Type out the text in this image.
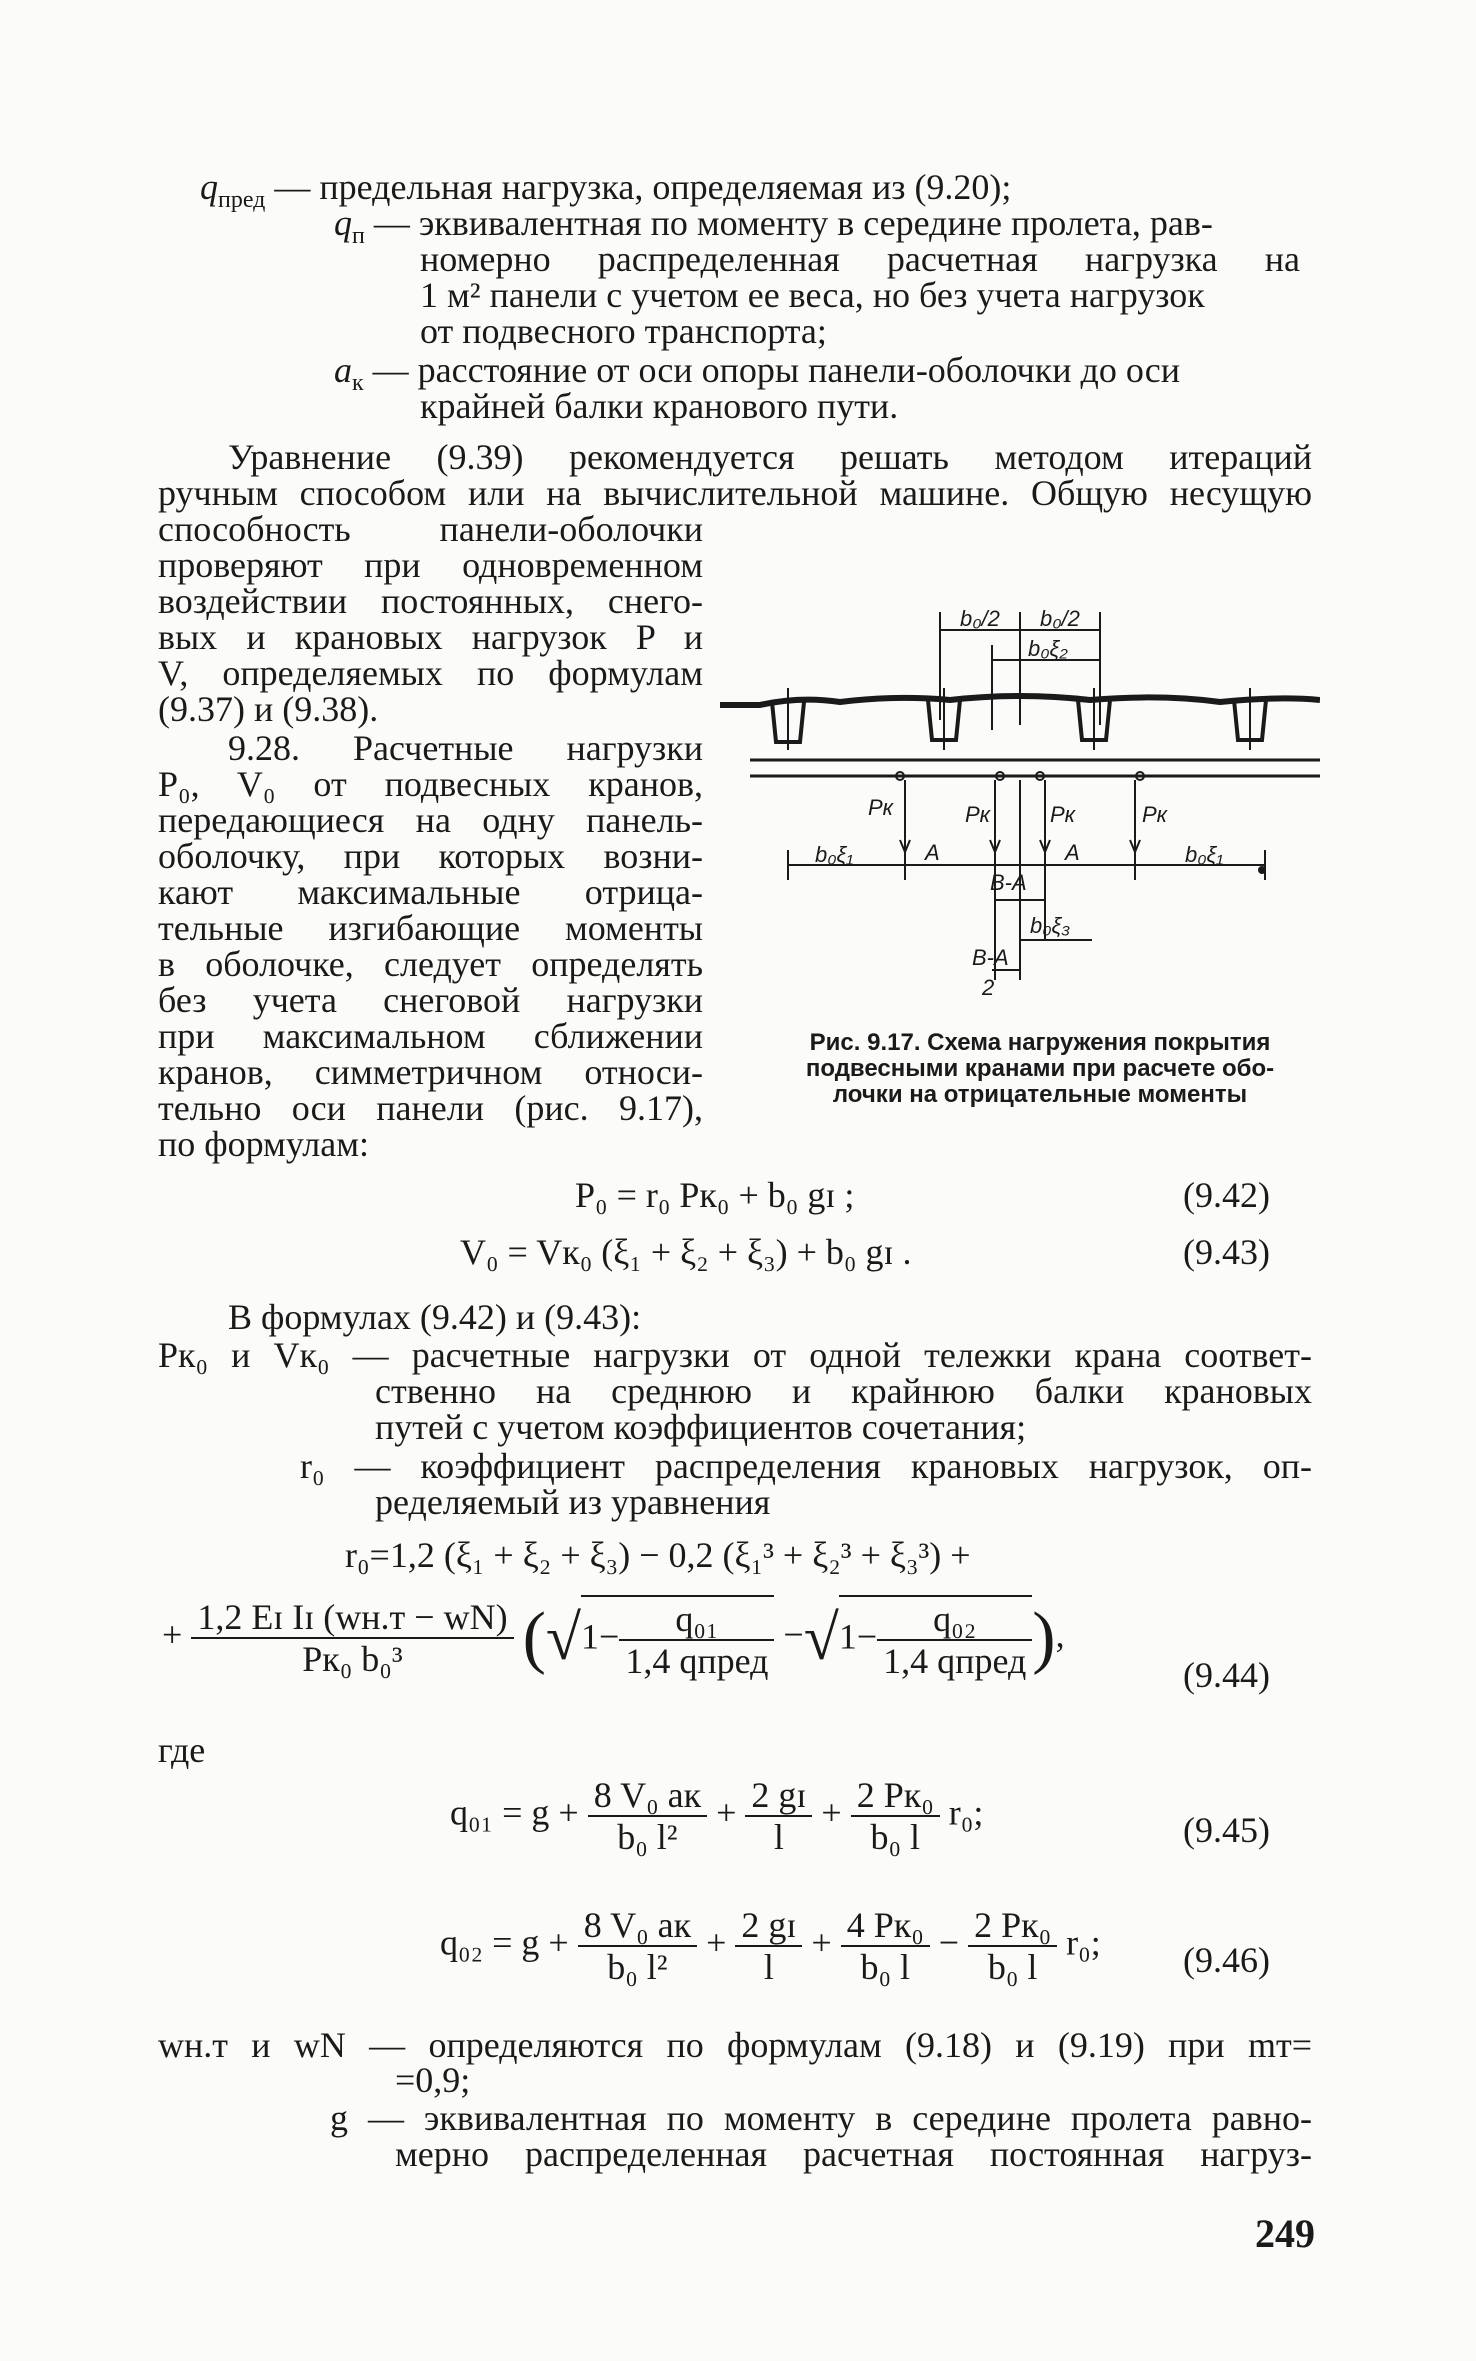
$q_{пред}$ — предельная нагрузка, определяемая из (9.20);
$q_п$ — эквивалентная по моменту в середине пролета, рав-
номерно распределенная расчетная нагрузка на
1 м² панели с учетом ее веса, но без учета нагрузок
от подвесного транспорта;
$a_к$ — расстояние от оси опоры панели-оболочки до оси
крайней балки кранового пути.
Уравнение (9.39) рекомендуется решать методом итераций
ручным способом или на вычислительной машине. Общую несущую
способность панели-оболочки
проверяют при одновременном
воздействии постоянных, снего-
вых и крановых нагрузок P и
V, определяемых по формулам
(9.37) и (9.38).
9.28. Расчетные нагрузки
P₀, V₀ от подвесных кранов,
передающиеся на одну панель-
оболочку, при которых возни-
кают максимальные отрица-
тельные изгибающие моменты
в оболочке, следует определять
без учета снеговой нагрузки
при максимальном сближении
кранов, симметричном относи-
тельно оси панели (рис. 9.17),
по формулам:
b₀/2 b₀/2
b₀ξ₂
b₀ξ₁	b₀ξ₁
A	A
Pк	Pк	Pк	Pк
B-A
b₀ξ₃
B-A
2
Рис. 9.17. Схема нагружения покрытия
подвесными кранами при расчете обо-
лочки на отрицательные моменты
P₀ = r₀ Pк₀ + b₀ gɪ ;	(9.42)
V₀ = Vк₀ (ξ₁ + ξ₂ + ξ₃) + b₀ gɪ .	(9.43)
В формулах (9.42) и (9.43):
Pк₀ и Vк₀ — расчетные нагрузки от одной тележки крана соответ-
ственно на среднюю и крайнюю балки крановых
путей с учетом коэффициентов сочетания;
r₀ — коэффициент распределения крановых нагрузок, оп-
ределяемый из уравнения
r₀=1,2 (ξ₁ + ξ₂ + ξ₃) − 0,2 (ξ₁³ + ξ₂³ + ξ₃³) +
+ $\frac{\text{1,2 Eɪ Iɪ (wн.т − wN)}}{\text{Pк₀ b₀³}} (√1- \frac{\text{q₀₁}}{\text{1,4 qпред}} -√1- \frac{\text{q₀₂}}{\text{1,4 qпред}}$ ),
(9.44)
где
$q_{01} = g + \frac{\text{8 V₀ aк}}{\text{b₀ l²}} + \frac{\text{2 gɪ}}{l} + \frac{\text{2 Pк₀}}{\text{b₀ l}} r_0$;	(9.45)
$q_{02} = g + \frac{\text{8 V₀ aк}}{\text{b₀ l²}} + \frac{\text{2 gɪ}}{l} + \frac{\text{4 Pк₀}}{\text{b₀ l}} - \frac{\text{2 Pк₀}}{\text{b₀ l}} r_0$; (9.46)
wн.т и wN — определяются по формулам (9.18) и (9.19) при mт=
=0,9;
g — эквивалентная по моменту в середине пролета равно-
мерно распределенная расчетная постоянная нагруз-
249
